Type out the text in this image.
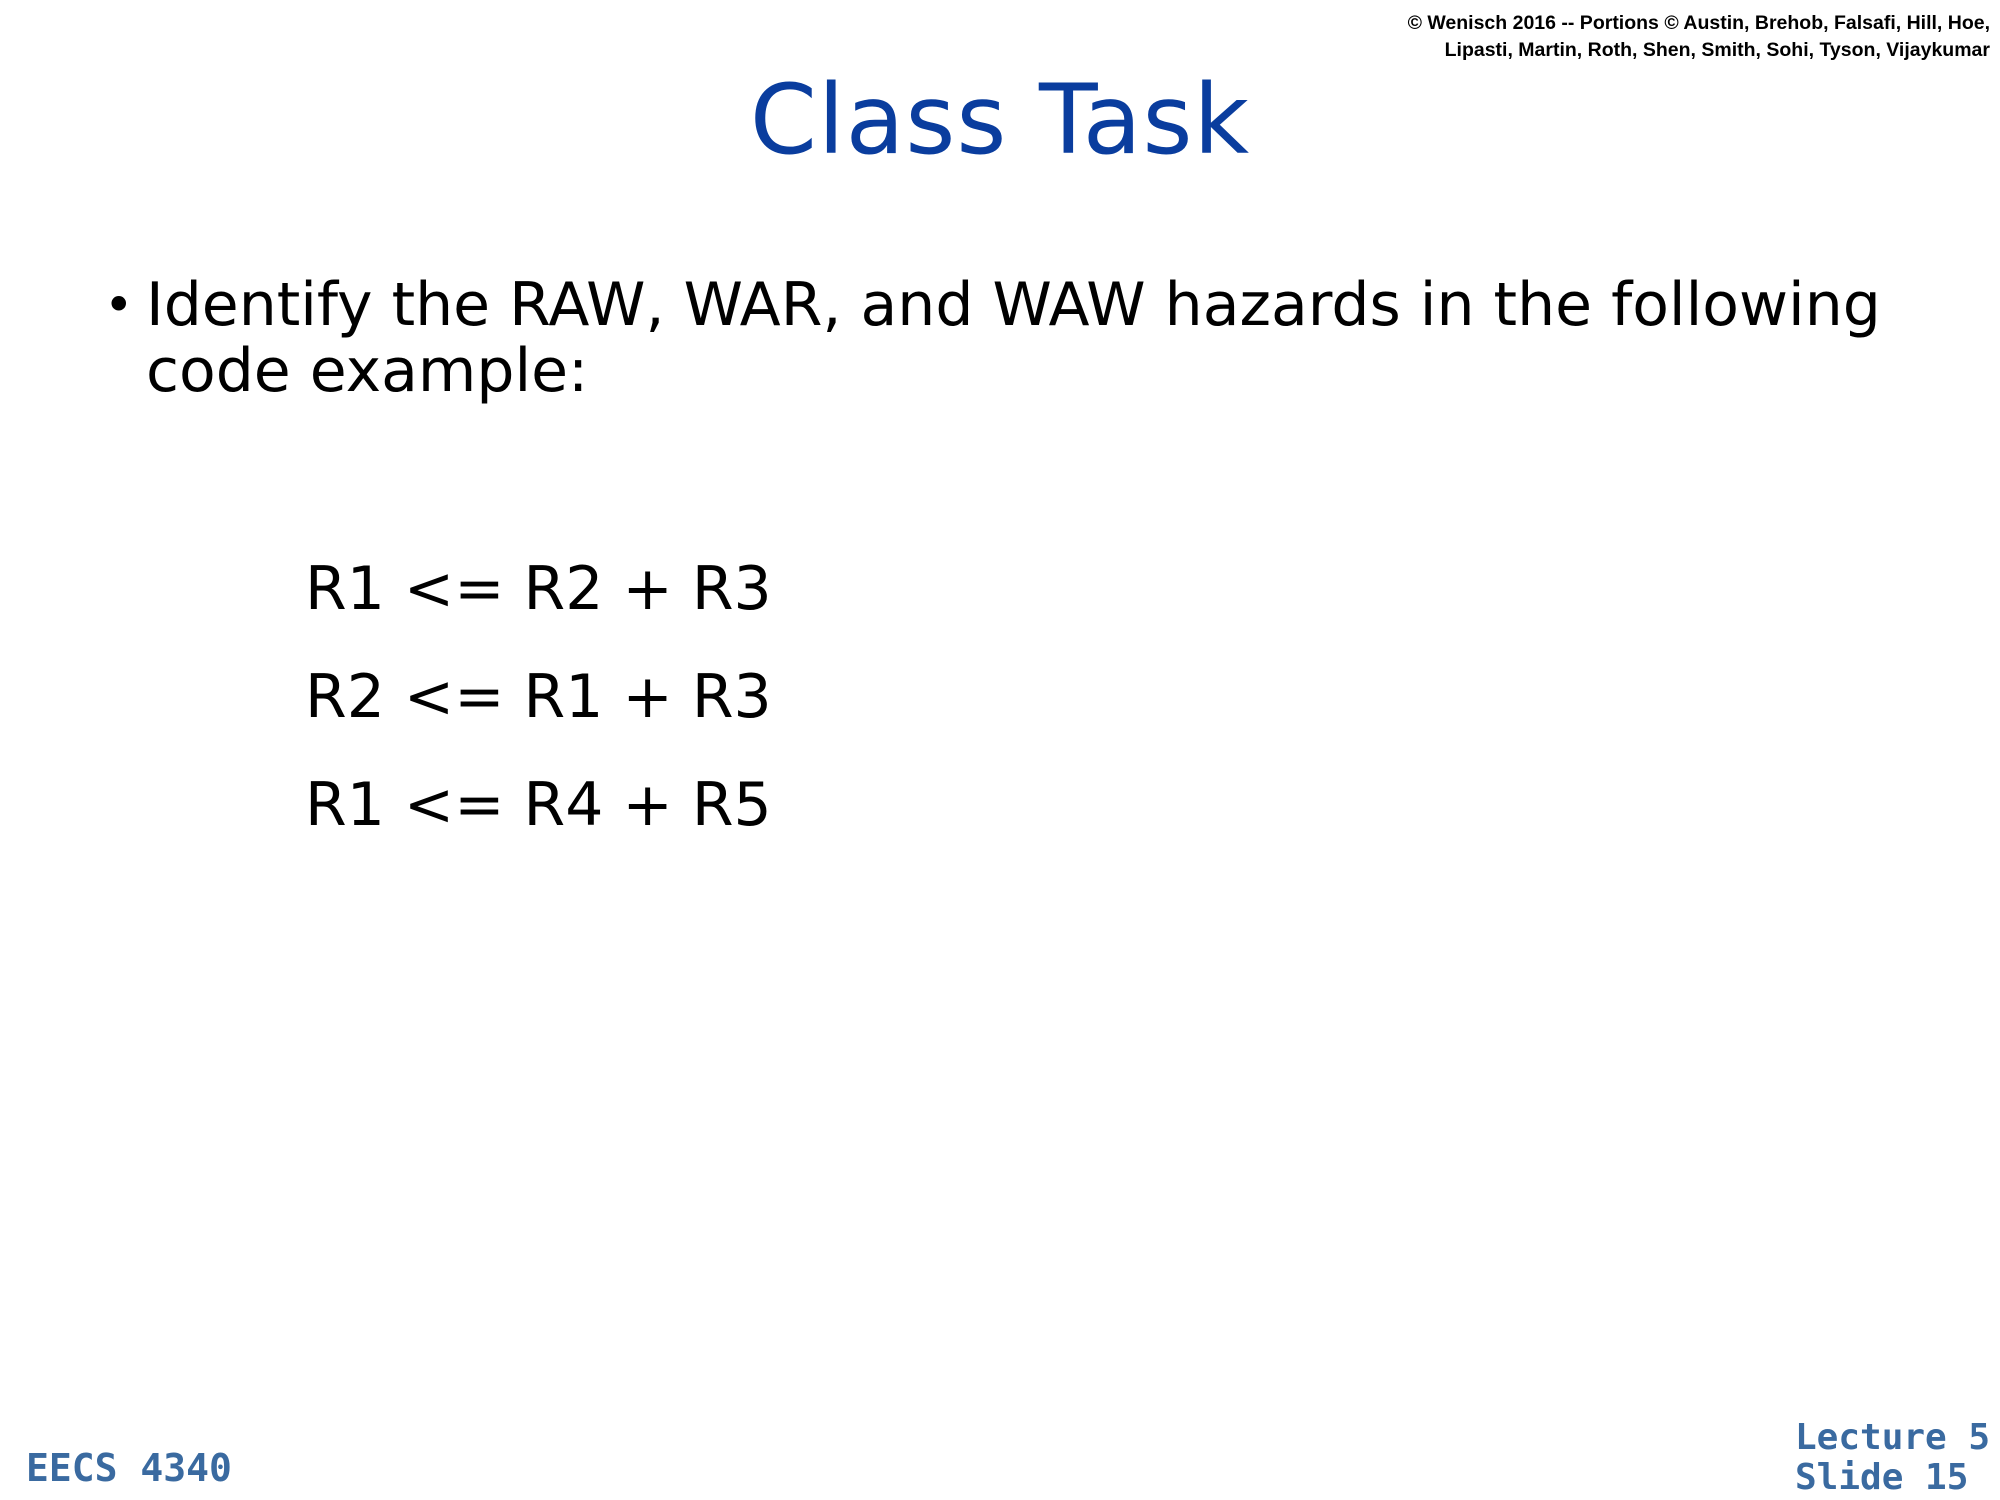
© Wenisch 2016 -- Portions © Austin, Brehob, Falsafi, Hill, Hoe,
Lipasti, Martin, Roth, Shen, Smith, Sohi, Tyson, Vijaykumar
Class Task
• Identify the RAW, WAR, and WAW hazards in the following code example:
R1 <= R2 + R3
R2 <= R1 + R3
R1 <= R4 + R5
EECS 4340
Lecture 5
Slide 15
